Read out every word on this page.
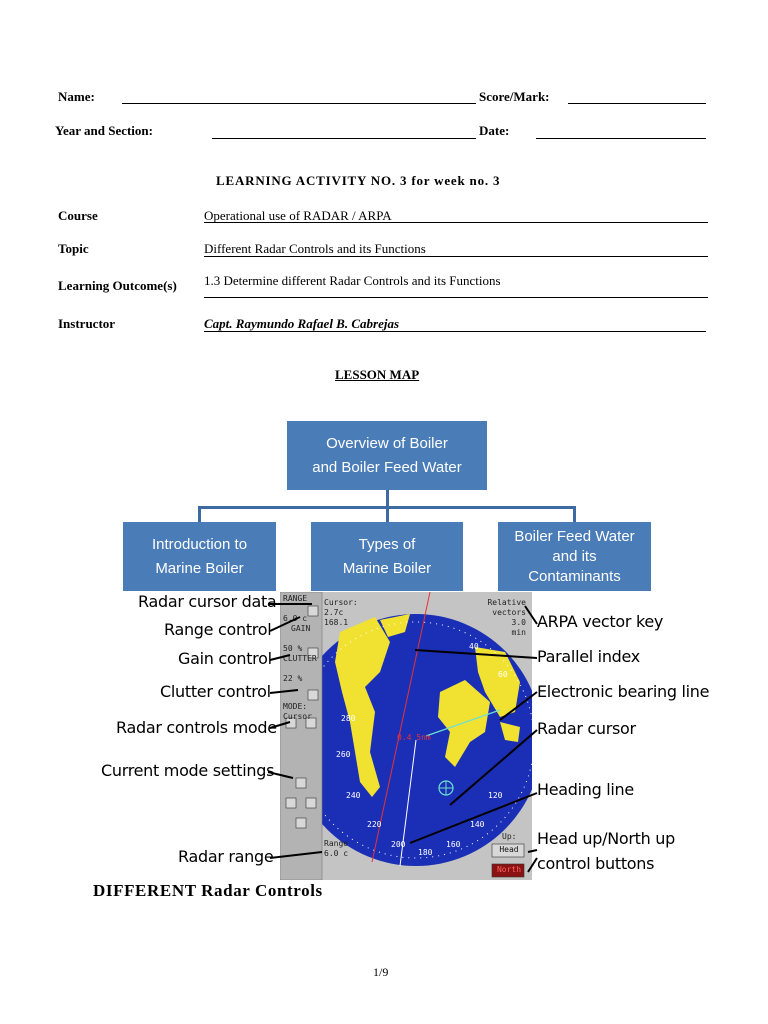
Name:	Score/Mark:
Year and Section:	Date:
LEARNING ACTIVITY NO. 3 for week no. 3
Course	Operational use of RADAR / ARPA
Topic	Different Radar Controls and its Functions
Learning Outcome(s) 1.3 Determine different Radar Controls and its Functions
Instructor	Capt. Raymundo Rafael B. Cabrejas
LESSON MAP
Overview of Boiler
and Boiler Feed Water
Introduction to
Marine Boiler
Types of
Marine Boiler
Boiler Feed Water
and its
Contaminants
RANGE
6.0 c
GAIN
50 %
CLUTTER
22 %
MODE:
Cursor
Cursor:
2.7c
168.1
Relative
vectors
3.0
min
Range
6.0 c
Up:
Head
North
0.4 5nm
40
60
280
260
240
220
200
180
160
140
120
Radar cursor data
Range control
Gain control
Clutter control
Radar controls mode
Current mode settings
Radar range
ARPA vector key
Parallel index
Electronic bearing line
Radar cursor
Heading line
Head up/North up
control buttons
DIFFERENT Radar Controls
1/9
